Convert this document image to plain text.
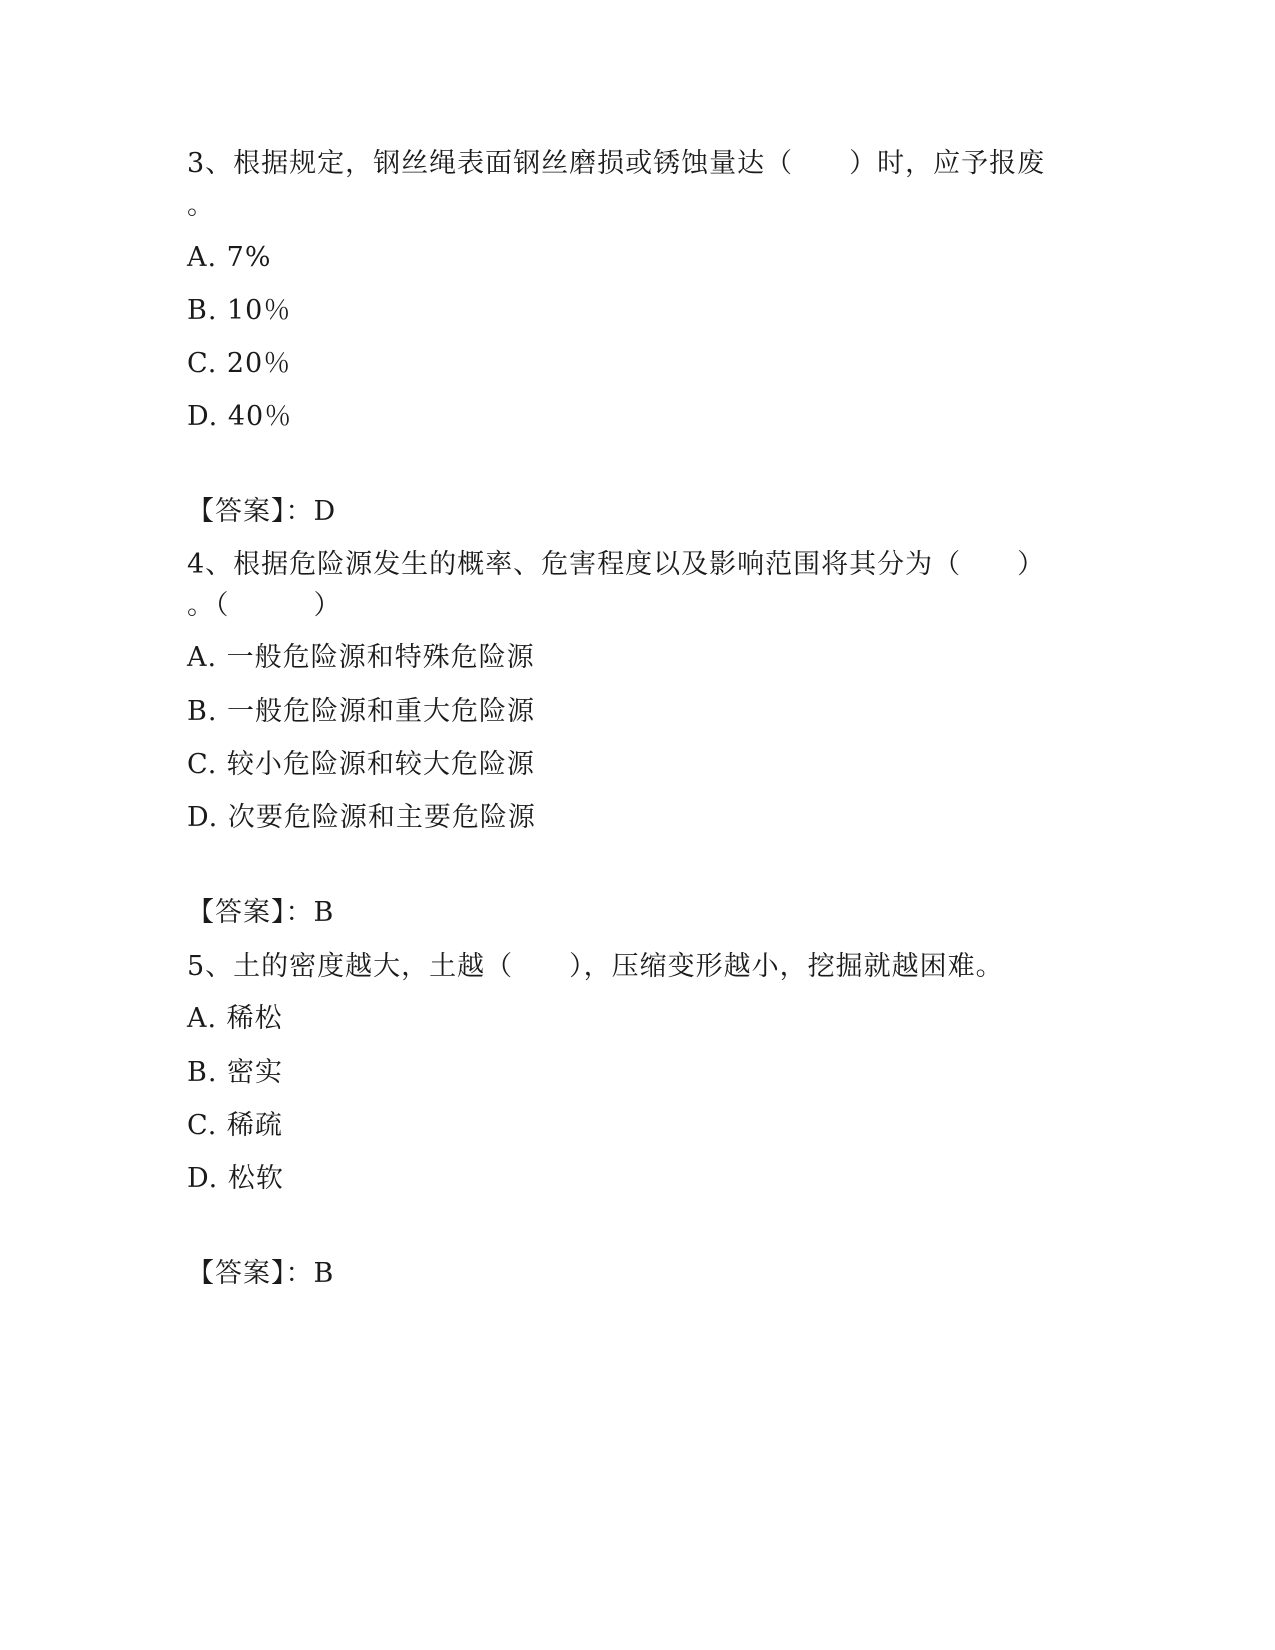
3、根据规定，钢丝绳表面钢丝磨损或锈蚀量达（　　）时，应予报废
。
A. 7%
B. 10％
C. 20％
D. 40％
【答案】：D
4、根据危险源发生的概率、危害程度以及影响范围将其分为（　　）
。（　　　）
A. 一般危险源和特殊危险源
B. 一般危险源和重大危险源
C. 较小危险源和较大危险源
D. 次要危险源和主要危险源
【答案】：B
5、土的密度越大，土越（　　），压缩变形越小，挖掘就越困难。
A. 稀松
B. 密实
C. 稀疏
D. 松软
【答案】：B
